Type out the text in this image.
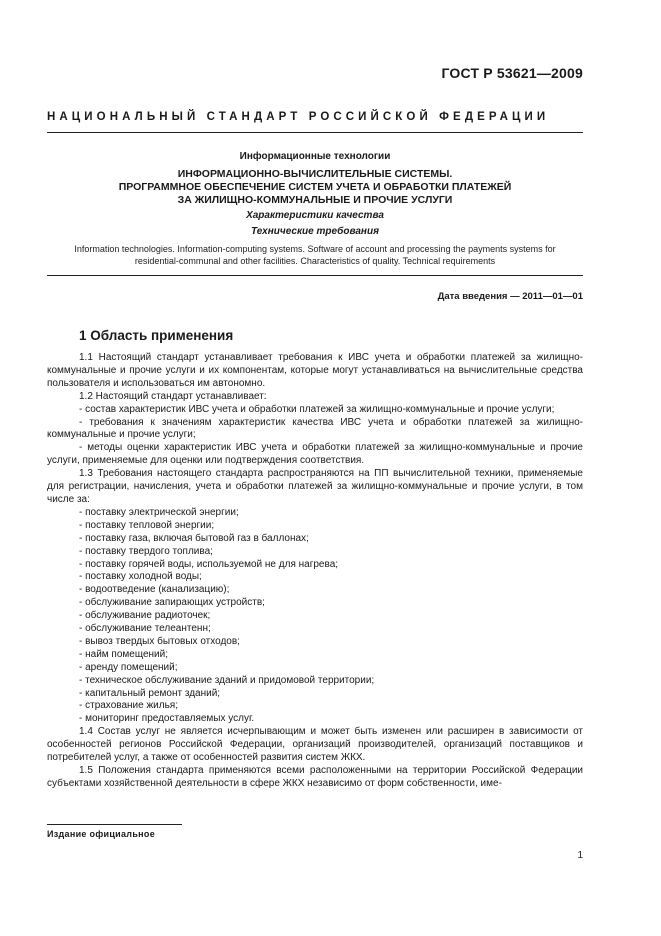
ГОСТ Р 53621—2009
НАЦИОНАЛЬНЫЙ СТАНДАРТ РОССИЙСКОЙ ФЕДЕРАЦИИ
Информационные технологии
ИНФОРМАЦИОННО-ВЫЧИСЛИТЕЛЬНЫЕ СИСТЕМЫ.
ПРОГРАММНОЕ ОБЕСПЕЧЕНИЕ СИСТЕМ УЧЕТА И ОБРАБОТКИ ПЛАТЕЖЕЙ
ЗА ЖИЛИЩНО-КОММУНАЛЬНЫЕ И ПРОЧИЕ УСЛУГИ
Характеристики качества
Технические требования
Information technologies. Information-computing systems. Software of account and processing the payments systems for
residential-communal and other facilities. Characteristics of quality. Technical requirements
Дата введения — 2011—01—01
1 Область применения

1.1 Настоящий стандарт устанавливает требования к ИВС учета и обработки платежей за жилищно-коммунальные и прочие услуги и их компонентам, которые могут устанавливаться на вычислительные средства пользователя и использоваться им автономно.

1.2 Настоящий стандарт устанавливает:

- состав характеристик ИВС учета и обработки платежей за жилищно-коммунальные и прочие услуги;

- требования к значениям характеристик качества ИВС учета и обработки платежей за жилищно-коммунальные и прочие услуги;

- методы оценки характеристик ИВС учета и обработки платежей за жилищно-коммунальные и прочие услуги, применяемые для оценки или подтверждения соответствия.

1.3 Требования настоящего стандарта распространяются на ПП вычислительной техники, применяемые для регистрации, начисления, учета и обработки платежей за жилищно-коммунальные и прочие услуги, в том числе за:

- поставку электрической энергии;

- поставку тепловой энергии;

- поставку газа, включая бытовой газ в баллонах;

- поставку твердого топлива;

- поставку горячей воды, используемой не для нагрева;

- поставку холодной воды;

- водоотведение (канализацию);

- обслуживание запирающих устройств;

- обслуживание радиоточек;

- обслуживание телеантенн;

- вывоз твердых бытовых отходов;

- найм помещений;

- аренду помещений;

- техническое обслуживание зданий и придомовой территории;

- капитальный ремонт зданий;

- страхование жилья;

- мониторинг предоставляемых услуг.

1.4 Состав услуг не является исчерпывающим и может быть изменен или расширен в зависимости от особенностей регионов Российской Федерации, организаций производителей, организаций поставщиков и потребителей услуг, а также от особенностей развития систем ЖКХ.

1.5 Положения стандарта применяются всеми расположенными на территории Российской Федерации субъектами хозяйственной деятельности в сфере ЖКХ независимо от форм собственности, име-

Издание официальное
1
